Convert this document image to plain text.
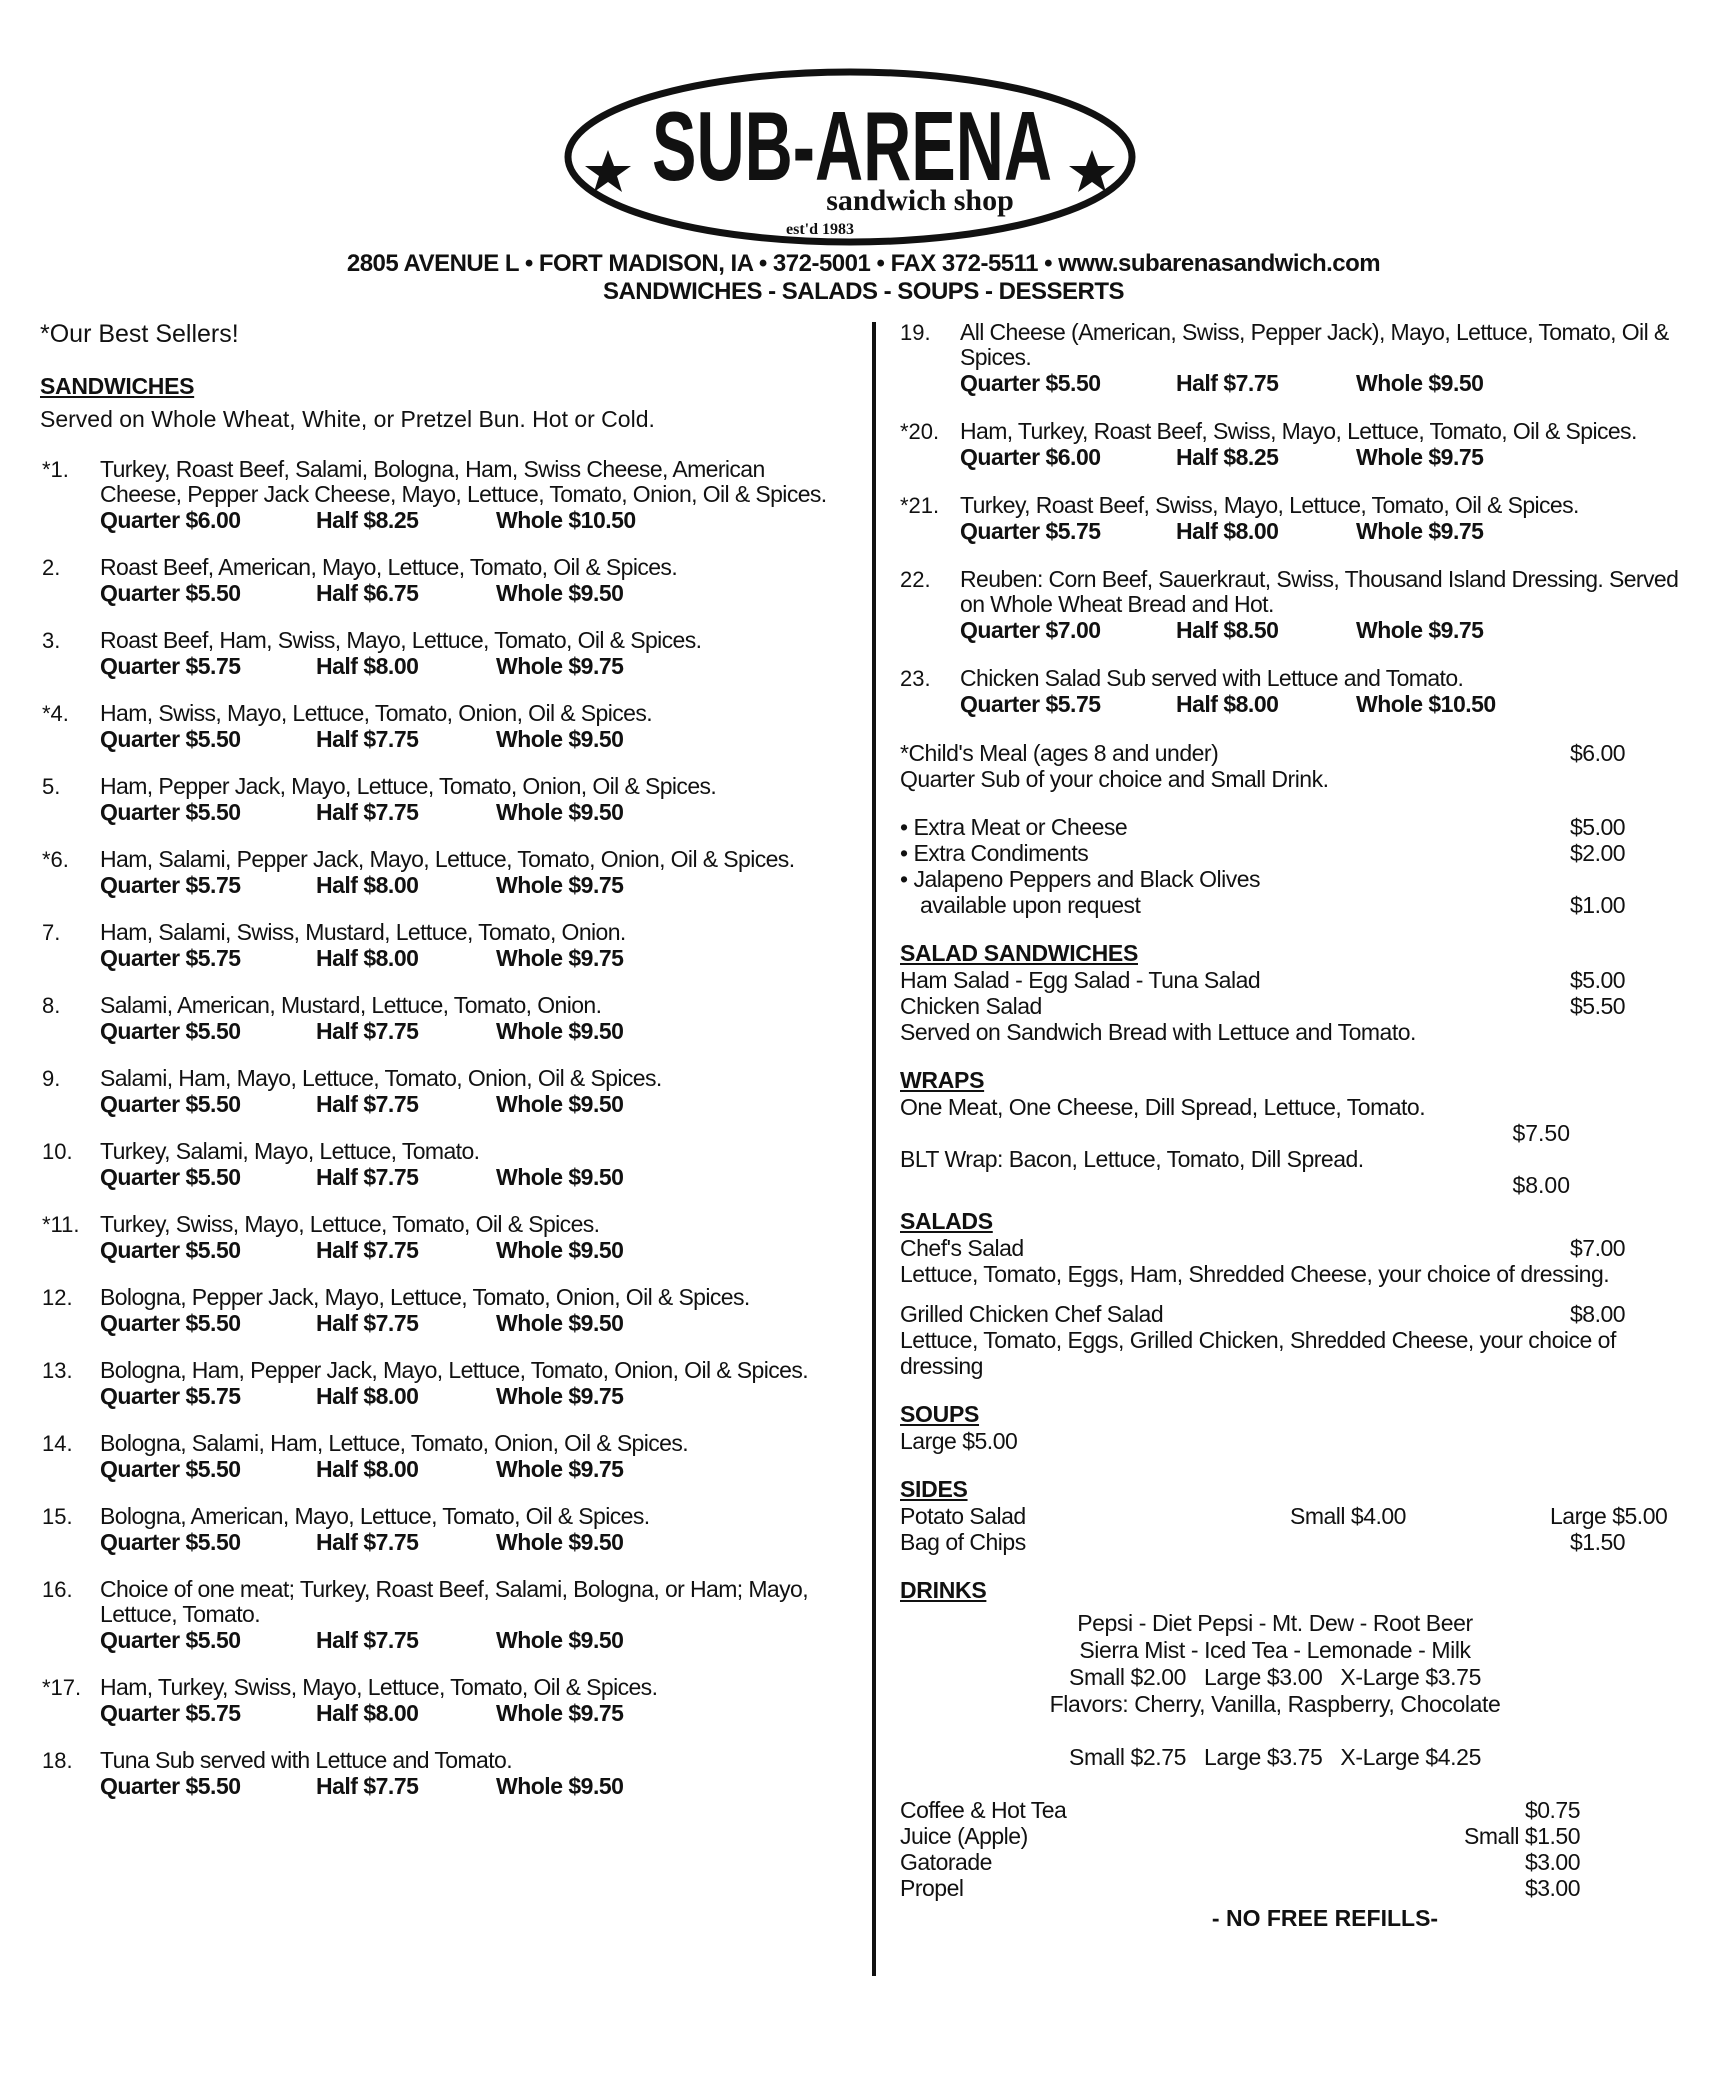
SUB-ARENA
sandwich shop
est'd 1983
2805 AVENUE L • FORT MADISON, IA • 372-5001 • FAX 372-5511 • www.subarenasandwich.com
SANDWICHES - SALADS - SOUPS - DESSERTS
*Our Best Sellers!
SANDWICHES
Served on Whole Wheat, White, or Pretzel Bun. Hot or Cold.
*1. Turkey, Roast Beef, Salami, Bologna, Ham, Swiss Cheese, American Cheese, Pepper Jack Cheese, Mayo, Lettuce, Tomato, Onion, Oil & Spices.
Quarter $6.00	Half $8.25	Whole $10.50
2. Roast Beef, American, Mayo, Lettuce, Tomato, Oil & Spices.
Quarter $5.50	Half $6.75	Whole $9.50
3. Roast Beef, Ham, Swiss, Mayo, Lettuce, Tomato, Oil & Spices.
Quarter $5.75	Half $8.00	Whole $9.75
*4. Ham, Swiss, Mayo, Lettuce, Tomato, Onion, Oil & Spices.
Quarter $5.50	Half $7.75	Whole $9.50
5. Ham, Pepper Jack, Mayo, Lettuce, Tomato, Onion, Oil & Spices.
Quarter $5.50	Half $7.75	Whole $9.50
*6. Ham, Salami, Pepper Jack, Mayo, Lettuce, Tomato, Onion, Oil & Spices.
Quarter $5.75	Half $8.00	Whole $9.75
7. Ham, Salami, Swiss, Mustard, Lettuce, Tomato, Onion.
Quarter $5.75	Half $8.00	Whole $9.75
8. Salami, American, Mustard, Lettuce, Tomato, Onion.
Quarter $5.50	Half $7.75	Whole $9.50
9. Salami, Ham, Mayo, Lettuce, Tomato, Onion, Oil & Spices.
Quarter $5.50	Half $7.75	Whole $9.50
10. Turkey, Salami, Mayo, Lettuce, Tomato.
Quarter $5.50	Half $7.75	Whole $9.50
*11. Turkey, Swiss, Mayo, Lettuce, Tomato, Oil & Spices.
Quarter $5.50	Half $7.75	Whole $9.50
12. Bologna, Pepper Jack, Mayo, Lettuce, Tomato, Onion, Oil & Spices.
Quarter $5.50	Half $7.75	Whole $9.50
13. Bologna, Ham, Pepper Jack, Mayo, Lettuce, Tomato, Onion, Oil & Spices.
Quarter $5.75	Half $8.00	Whole $9.75
14. Bologna, Salami, Ham, Lettuce, Tomato, Onion, Oil & Spices.
Quarter $5.50	Half $8.00	Whole $9.75
15. Bologna, American, Mayo, Lettuce, Tomato, Oil & Spices.
Quarter $5.50	Half $7.75	Whole $9.50
16. Choice of one meat; Turkey, Roast Beef, Salami, Bologna, or Ham; Mayo, Lettuce, Tomato.
Quarter $5.50	Half $7.75	Whole $9.50
*17. Ham, Turkey, Swiss, Mayo, Lettuce, Tomato, Oil & Spices.
Quarter $5.75	Half $8.00	Whole $9.75
18. Tuna Sub served with Lettuce and Tomato.
Quarter $5.50	Half $7.75	Whole $9.50
19. All Cheese (American, Swiss, Pepper Jack), Mayo, Lettuce, Tomato, Oil & Spices.
Quarter $5.50	Half $7.75	Whole $9.50
*20. Ham, Turkey, Roast Beef, Swiss, Mayo, Lettuce, Tomato, Oil & Spices.
Quarter $6.00	Half $8.25	Whole $9.75
*21. Turkey, Roast Beef, Swiss, Mayo, Lettuce, Tomato, Oil & Spices.
Quarter $5.75	Half $8.00	Whole $9.75
22. Reuben: Corn Beef, Sauerkraut, Swiss, Thousand Island Dressing. Served on Whole Wheat Bread and Hot.
Quarter $7.00	Half $8.50	Whole $9.75
23. Chicken Salad Sub served with Lettuce and Tomato.
Quarter $5.75	Half $8.00	Whole $10.50
*Child's Meal (ages 8 and under)	$6.00
Quarter Sub of your choice and Small Drink.
• Extra Meat or Cheese	$5.00
• Extra Condiments	$2.00
• Jalapeno Peppers and Black Olives
available upon request	$1.00
SALAD SANDWICHES
Ham Salad - Egg Salad - Tuna Salad	$5.00
Chicken Salad	$5.50
Served on Sandwich Bread with Lettuce and Tomato.
WRAPS
One Meat, One Cheese, Dill Spread, Lettuce, Tomato.
$7.50
BLT Wrap: Bacon, Lettuce, Tomato, Dill Spread.
$8.00
SALADS
Chef's Salad	$7.00
Lettuce, Tomato, Eggs, Ham, Shredded Cheese, your choice of dressing.
Grilled Chicken Chef Salad	$8.00
Lettuce, Tomato, Eggs, Grilled Chicken, Shredded Cheese, your choice of dressing
SOUPS
Large $5.00
SIDES
Potato Salad	Small $4.00	Large $5.00
Bag of Chips	$1.50
DRINKS
Pepsi - Diet Pepsi - Mt. Dew - Root Beer
Sierra Mist - Iced Tea - Lemonade - Milk
Small $2.00   Large $3.00   X-Large $3.75
Flavors: Cherry, Vanilla, Raspberry, Chocolate
Small $2.75   Large $3.75   X-Large $4.25
Coffee & Hot Tea	$0.75
Juice (Apple)	Small $1.50
Gatorade	$3.00
Propel	$3.00
- NO FREE REFILLS-
